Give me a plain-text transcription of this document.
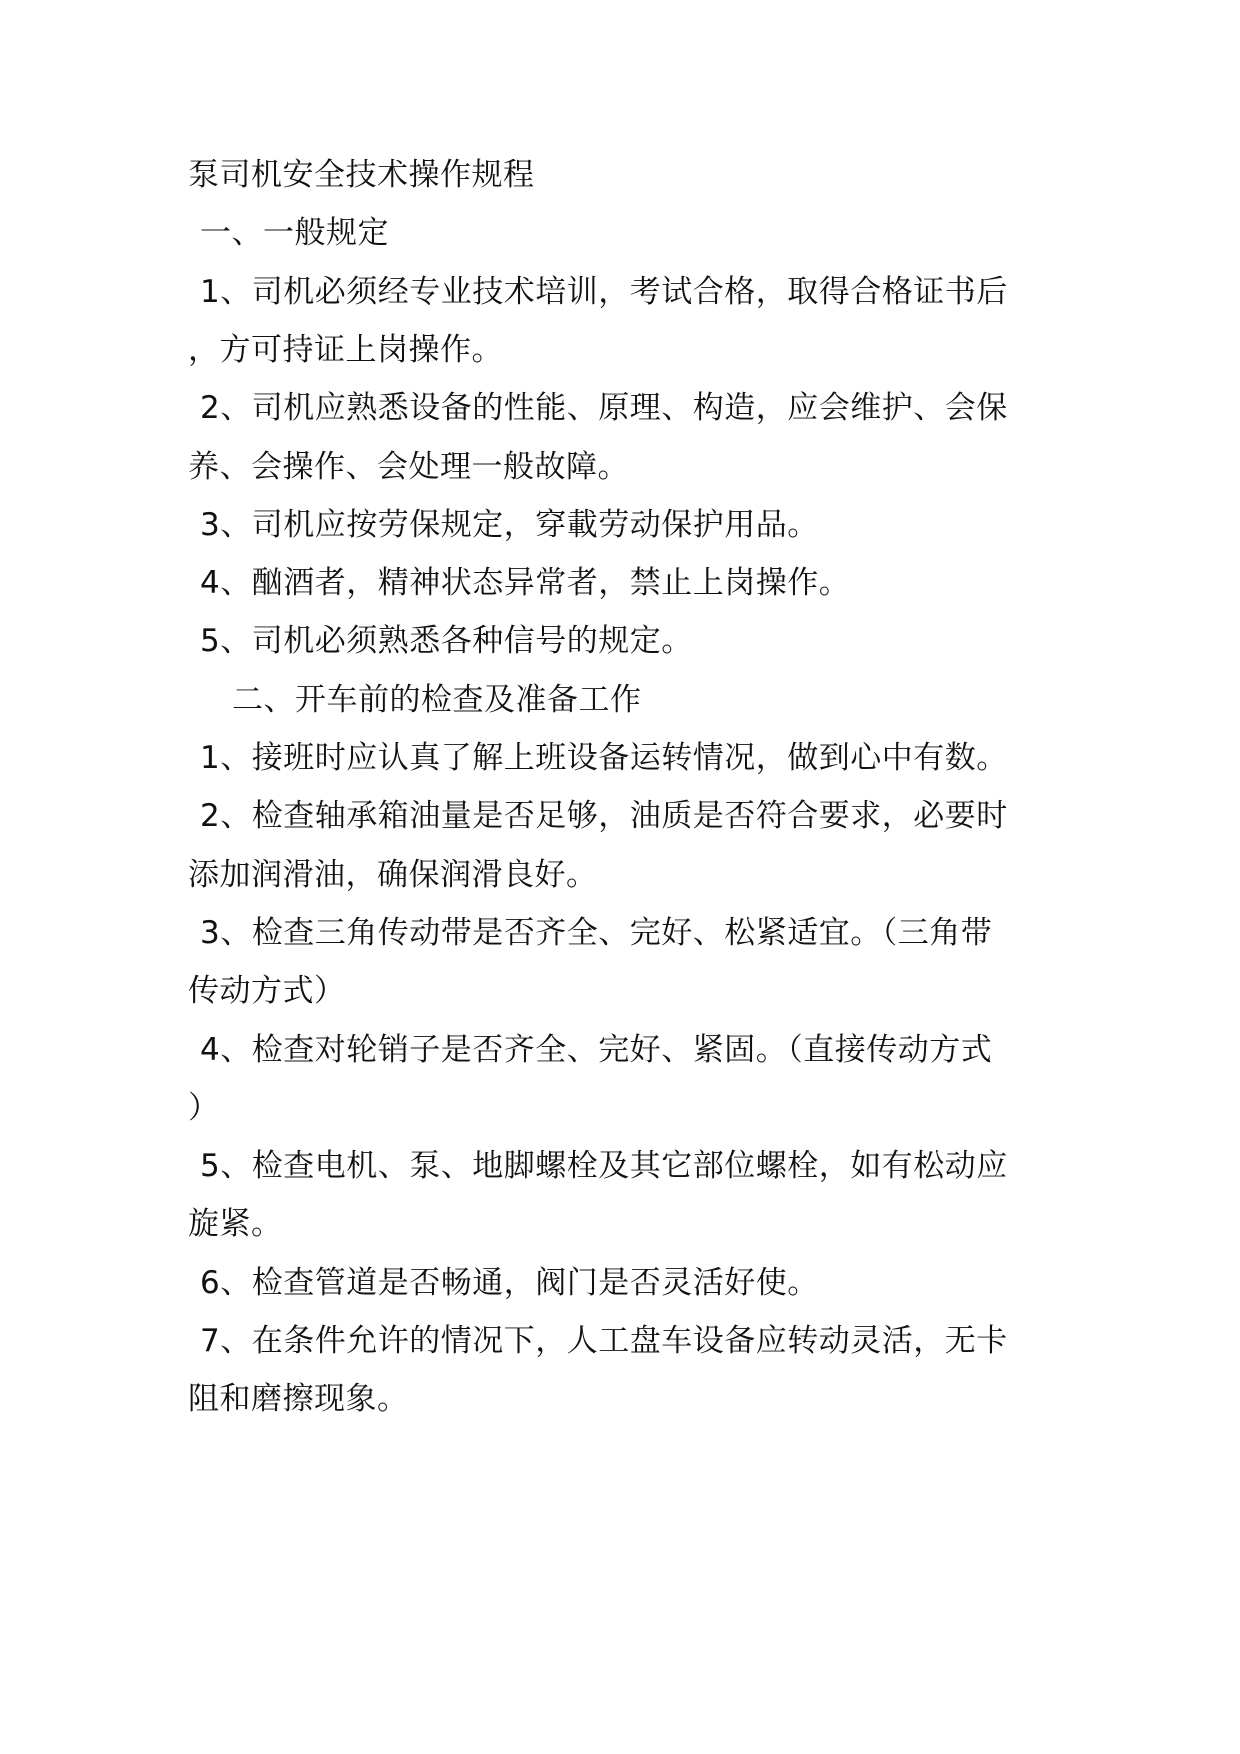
泵司机安全技术操作规程
一、一般规定
1、司机必须经专业技术培训，考试合格，取得合格证书后
，方可持证上岗操作。
2、司机应熟悉设备的性能、原理、构造，应会维护、会保
养、会操作、会处理一般故障。
3、司机应按劳保规定，穿載劳动保护用品。
4、酗酒者，精神状态异常者，禁止上岗操作。
5、司机必须熟悉各种信号的规定。
二、开车前的检查及准备工作
1、接班时应认真了解上班设备运转情况，做到心中有数。
2、检查轴承箱油量是否足够，油质是否符合要求，必要时
添加润滑油，确保润滑良好。
3、检查三角传动带是否齐全、完好、松紧适宜。（三角带
传动方式）
4、检查对轮销子是否齐全、完好、紧固。（直接传动方式
）
5、检查电机、泵、地脚螺栓及其它部位螺栓，如有松动应
旋紧。
6、检查管道是否畅通，阀门是否灵活好使。
7、在条件允许的情况下，人工盘车设备应转动灵活，无卡
阻和磨擦现象。
